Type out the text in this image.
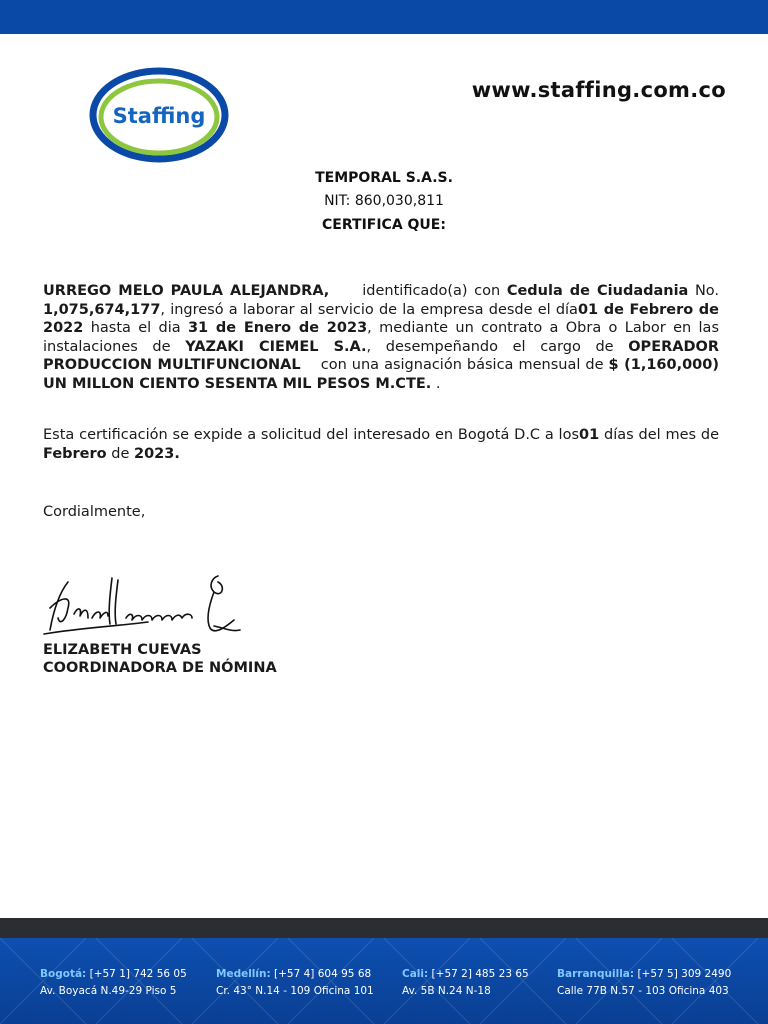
Staffing
www.staffing.com.co
TEMPORAL S.A.S.
NIT: 860,030,811
CERTIFICA QUE:
URREGO MELO PAULA ALEJANDRA, identificado(a) con Cedula de Ciudadania No. 1,075,674,177, ingresó a laborar al servicio de la empresa desde el día01 de Febrero de 2022 hasta el dia 31 de Enero de 2023, mediante un contrato a Obra o Labor en las instalaciones de YAZAKI CIEMEL S.A., desempeñando el cargo de OPERADOR PRODUCCION MULTIFUNCIONAL con una asignación básica mensual de $ (1,160,000) UN MILLON CIENTO SESENTA MIL PESOS M.CTE. .
Esta certificación se expide a solicitud del interesado en Bogotá D.C a los01 días del mes de Febrero de 2023.
Cordialmente,
ELIZABETH CUEVAS
COORDINADORA DE NÓMINA
Bogotá: [+57 1] 742 56 05
Av. Boyacá N.49-29 Piso 5
Medellín: [+57 4] 604 95 68
Cr. 43° N.14 - 109 Oficina 101
Cali: [+57 2] 485 23 65
Av. 5B N.24 N-18
Barranquilla: [+57 5] 309 2490
Calle 77B N.57 - 103 Oficina 403
